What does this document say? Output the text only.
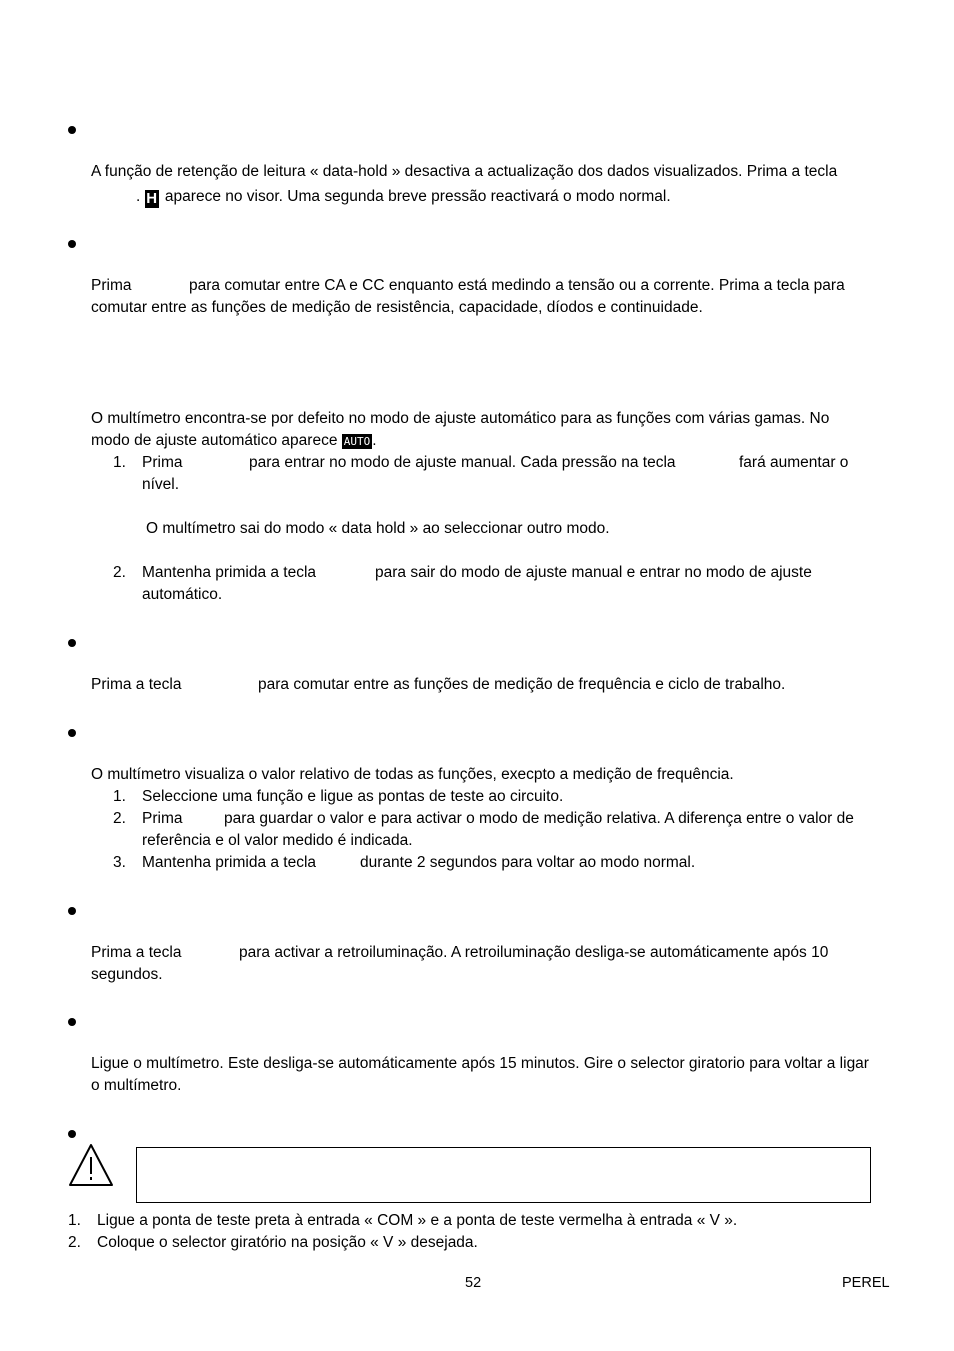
A função de retenção de leitura « data-hold » desactiva a actualização dos dados visualizados. Prima a tecla
. H aparece no visor. Uma segunda breve pressão reactivará o modo normal.
Prima	para comutar entre CA e CC enquanto está medindo a tensão ou a corrente. Prima a tecla para
comutar entre as funções de medição de resistência, capacidade, díodos e continuidade.
O multímetro encontra-se por defeito no modo de ajuste automático para as funções com várias gamas. No
modo de ajuste automático aparece AUTO .
1. Prima	para entrar no modo de ajuste manual. Cada pressão na tecla	fará aumentar o
nível.
O multímetro sai do modo « data hold » ao seleccionar outro modo.
2. Mantenha primida a tecla	para sair do modo de ajuste manual e entrar no modo de ajuste
automático.
Prima a tecla	para comutar entre as funções de medição de frequência e ciclo de trabalho.
O multímetro visualiza o valor relativo de todas as funções, execpto a medição de frequência.
1. Seleccione uma função e ligue as pontas de teste ao circuito.
2. Prima	para guardar o valor e para activar o modo de medição relativa. A diferença entre o valor de
referência e ol valor medido é indicada.
3. Mantenha primida a tecla	durante 2 segundos para voltar ao modo normal.
Prima a tecla	para activar a retroiluminação. A retroiluminação desliga-se automáticamente após 10
segundos.
Ligue o multímetro. Este desliga-se automáticamente após 15 minutos. Gire o selector giratorio para voltar a ligar
o multímetro.
1. Ligue a ponta de teste preta à entrada « COM » e a ponta de teste vermelha à entrada « V ».
2. Coloque o selector giratório na posição « V » desejada.
52	PEREL
